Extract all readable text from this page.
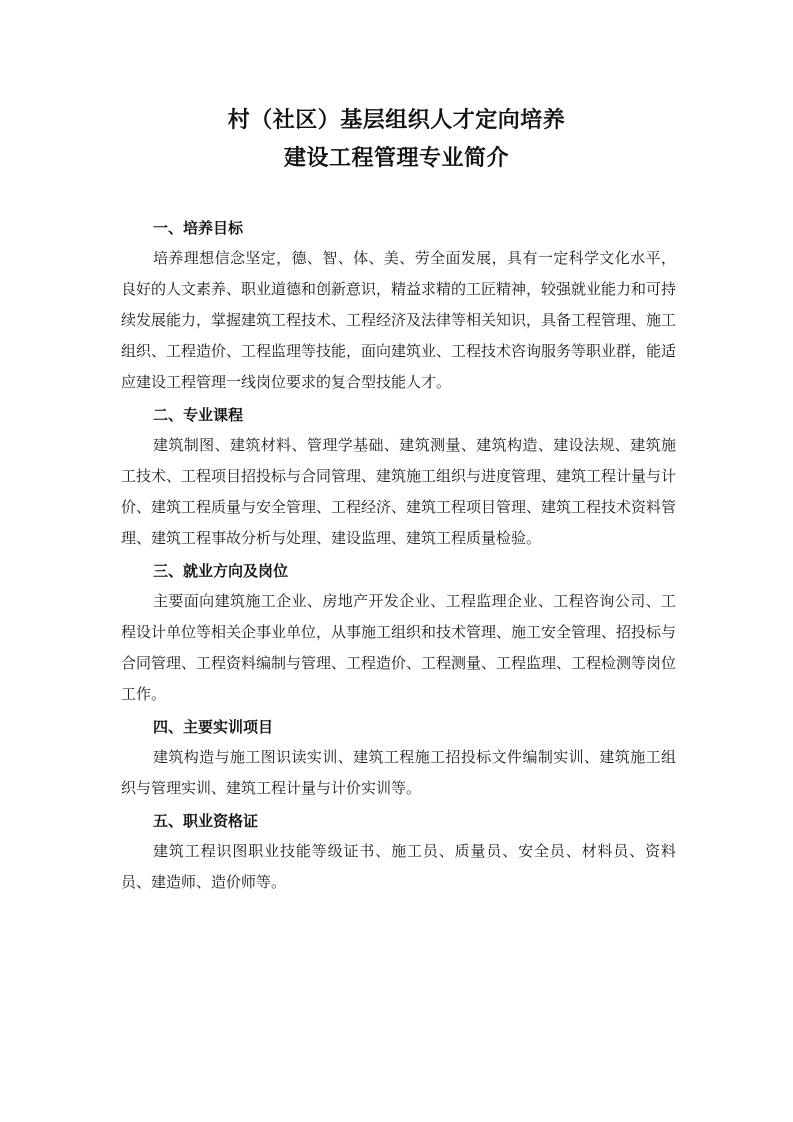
村（社区）基层组织人才定向培养
建设工程管理专业简介

一、培养目标

培养理想信念坚定，德、智、体、美、劳全面发展，具有一定科学文化水平，良好的人文素养、职业道德和创新意识，精益求精的工匠精神，较强就业能力和可持续发展能力，掌握建筑工程技术、工程经济及法律等相关知识，具备工程管理、施工组织、工程造价、工程监理等技能，面向建筑业、工程技术咨询服务等职业群，能适应建设工程管理一线岗位要求的复合型技能人才。

二、专业课程

建筑制图、建筑材料、管理学基础、建筑测量、建筑构造、建设法规、建筑施工技术、工程项目招投标与合同管理、建筑施工组织与进度管理、建筑工程计量与计价、建筑工程质量与安全管理、工程经济、建筑工程项目管理、建筑工程技术资料管理、建筑工程事故分析与处理、建设监理、建筑工程质量检验。

三、就业方向及岗位

主要面向建筑施工企业、房地产开发企业、工程监理企业、工程咨询公司、工程设计单位等相关企事业单位，从事施工组织和技术管理、施工安全管理、招投标与合同管理、工程资料编制与管理、工程造价、工程测量、工程监理、工程检测等岗位工作。

四、主要实训项目

建筑构造与施工图识读实训、建筑工程施工招投标文件编制实训、建筑施工组织与管理实训、建筑工程计量与计价实训等。

五、职业资格证

建筑工程识图职业技能等级证书、施工员、质量员、安全员、材料员、资料员、建造师、造价师等。
